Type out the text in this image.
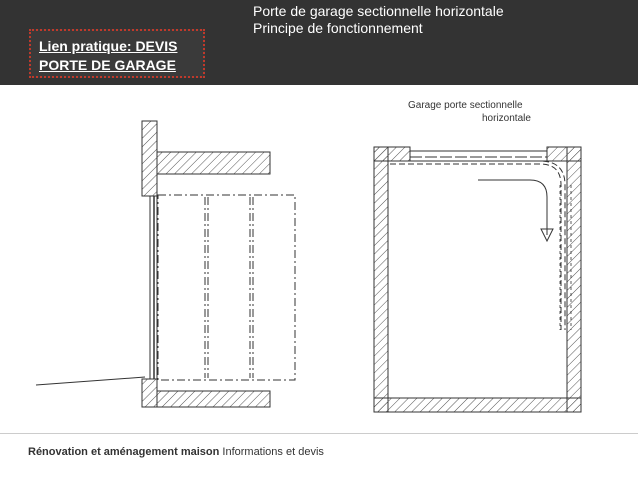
Porte de garage sectionnelle horizontale
Principe de fonctionnement
Lien pratique: DEVIS
PORTE DE GARAGE
Garage porte sectionnelle
horizontale
Rénovation et aménagement maison Informations et devis
